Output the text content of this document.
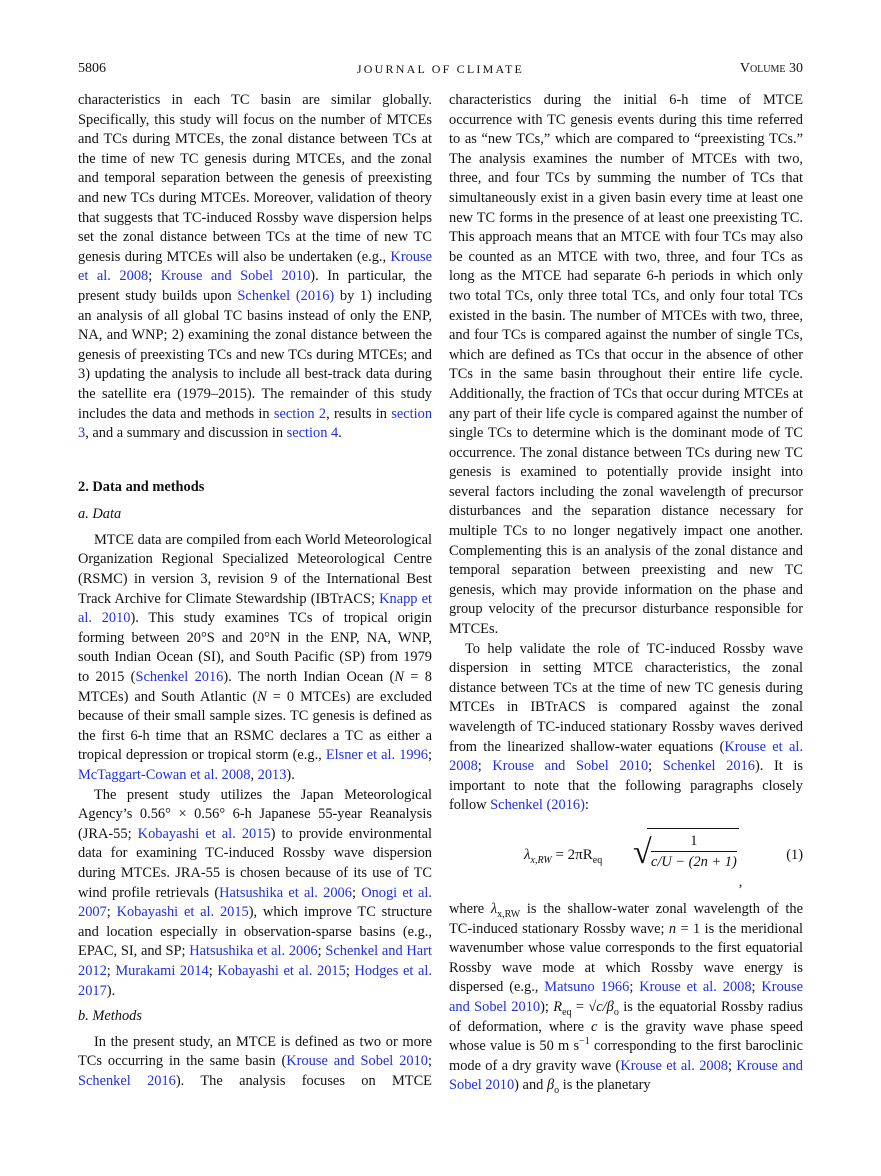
5806	JOURNAL OF CLIMATE	Volume 30

characteristics in each TC basin are similar globally. Specifically, this study will focus on the number of MTCEs and TCs during MTCEs, the zonal distance between TCs at the time of new TC genesis during MTCEs, and the zonal and temporal separation between the genesis of preexisting and new TCs during MTCEs. Moreover, validation of theory that suggests that TC-induced Rossby wave dispersion helps set the zonal distance between TCs at the time of new TC genesis during MTCEs will also be undertaken (e.g., Krouse et al. 2008; Krouse and Sobel 2010). In particular, the present study builds upon Schenkel (2016) by 1) including an analysis of all global TC basins instead of only the ENP, NA, and WNP; 2) examining the zonal distance between the genesis of preexisting TCs and new TCs during MTCEs; and 3) updating the analysis to include all best-track data during the satellite era (1979–2015). The remainder of this study includes the data and methods in section 2, results in section 3, and a summary and discussion in section 4.

2. Data and methods
a. Data

MTCE data are compiled from each World Meteorological Organization Regional Specialized Meteorological Centre (RSMC) in version 3, revision 9 of the International Best Track Archive for Climate Stewardship (IBTrACS; Knapp et al. 2010). This study examines TCs of tropical origin forming between 20°S and 20°N in the ENP, NA, WNP, south Indian Ocean (SI), and South Pacific (SP) from 1979 to 2015 (Schenkel 2016). The north Indian Ocean (N = 8 MTCEs) and South Atlantic (N = 0 MTCEs) are excluded because of their small sample sizes. TC genesis is defined as the first 6-h time that an RSMC declares a TC as either a tropical depression or tropical storm (e.g., Elsner et al. 1996; McTaggart-Cowan et al. 2008, 2013).

The present study utilizes the Japan Meteorological Agency’s 0.56° × 0.56° 6-h Japanese 55-year Reanalysis (JRA-55; Kobayashi et al. 2015) to provide environmental data for examining TC-induced Rossby wave dispersion during MTCEs. JRA-55 is chosen because of its use of TC wind profile retrievals (Hatsushika et al. 2006; Onogi et al. 2007; Kobayashi et al. 2015), which improve TC structure and location especially in observation-sparse basins (e.g., EPAC, SI, and SP; Hatsushika et al. 2006; Schenkel and Hart 2012; Murakami 2014; Kobayashi et al. 2015; Hodges et al. 2017).

b. Methods

In the present study, an MTCE is defined as two or more TCs occurring in the same basin (Krouse and Sobel 2010; Schenkel 2016). The analysis focuses on MTCE characteristics during the initial 6-h time of MTCE occurrence with TC genesis events during this time referred to as “new TCs,” which are compared to “preexisting TCs.” The analysis examines the number of MTCEs with two, three, and four TCs by summing the number of TCs that simultaneously exist in a given basin every time at least one new TC forms in the presence of at least one preexisting TC. This approach means that an MTCE with four TCs may also be counted as an MTCE with two, three, and four TCs as long as the MTCE had separate 6-h periods in which only two total TCs, only three total TCs, and only four total TCs existed in the basin. The number of MTCEs with two, three, and four TCs is compared against the number of single TCs, which are defined as TCs that occur in the absence of other TCs in the same basin throughout their entire life cycle. Additionally, the fraction of TCs that occur during MTCEs at any part of their life cycle is compared against the number of single TCs to determine which is the dominant mode of TC occurrence. The zonal distance between TCs during new TC genesis is examined to potentially provide insight into several factors including the zonal wavelength of precursor disturbances and the separation distance necessary for multiple TCs to no longer negatively impact one another. Complementing this is an analysis of the zonal distance and temporal separation between preexisting and new TC genesis, which may provide information on the phase and group velocity of the precursor disturbance responsible for MTCEs.

To help validate the role of TC-induced Rossby wave dispersion in setting MTCE characteristics, the zonal distance between TCs at the time of new TC genesis during MTCEs in IBTrACS is compared against the zonal wavelength of TC-induced stationary Rossby waves derived from the linearized shallow-water equations (Krouse et al. 2008; Krouse and Sobel 2010; Schenkel 2016). It is important to note that the following paragraphs closely follow Schenkel (2016):

$\lambda_{x,RW} = 2\pi R_{eq}$ √
$\frac{1}{c/U - (2n + 1)}$
,
(1)

where $\lambda_{x,RW}$ is the shallow-water zonal wavelength of the TC-induced stationary Rossby wave; n = 1 is the meridional wavenumber whose value corresponds to the first equatorial Rossby wave mode at which Rossby wave energy is dispersed (e.g., Matsuno 1966; Krouse et al. 2008; Krouse and Sobel 2010); $R_{eq} = √c/\beta_o$ is the equatorial Rossby radius of deformation, where c is the gravity wave phase speed whose value is 50 m $s^{-1}$ corresponding to the first baroclinic mode of a dry gravity wave (Krouse et al. 2008; Krouse and Sobel 2010) and $\beta_o$ is the planetary
